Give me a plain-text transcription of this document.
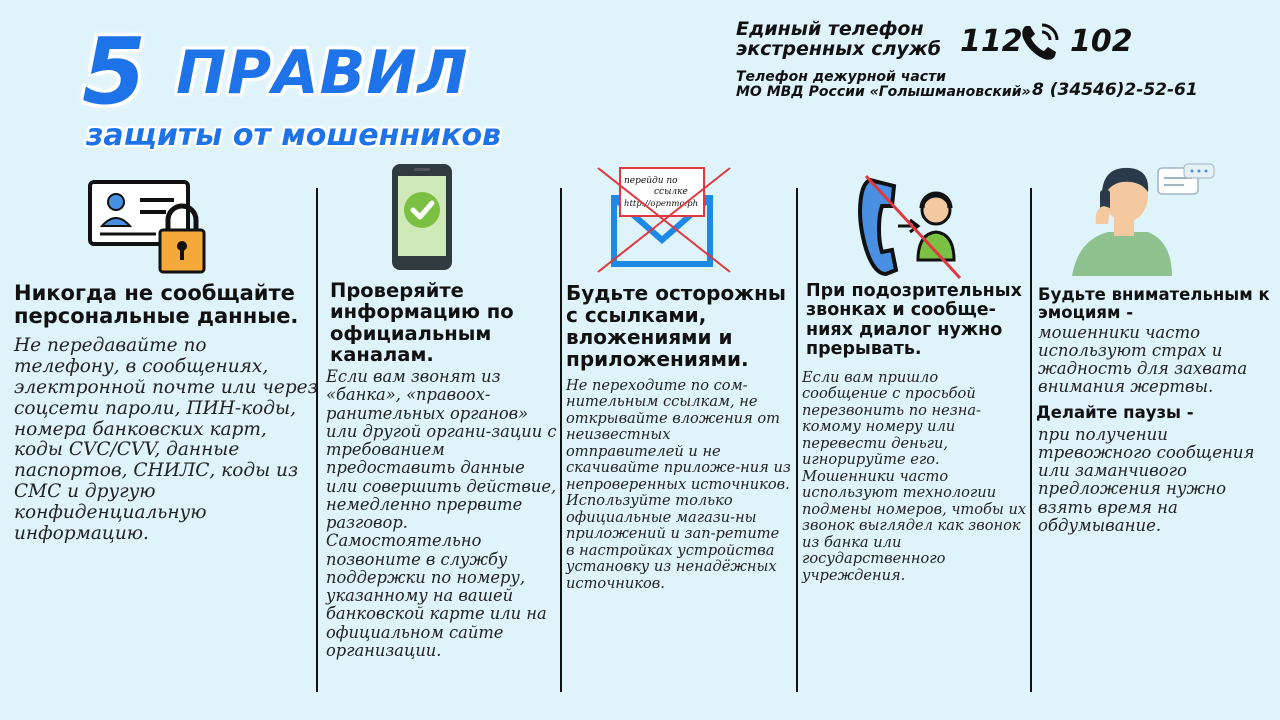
5 ПРАВИЛ
защиты от мошенников
Единый телефон
экстренных служб 112 102
Телефон дежурной части
МО МВД России «Голышмановский» 8 (34546)2-52-61
Никогда не сообщайте персональные данные.
Не передавайте по телефону, в сообщениях, электронной почте или через соцсети пароли, ПИН-коды, номера банковских карт, коды CVC/CVV, данные паспортов, СНИЛС, коды из СМС и другую конфиденциальную информацию.
Проверяйте информацию по официальным каналам.
Если вам звонят из «банка», «правоох-ранительных органов» или другой органи-зации с требованием предоставить данные или совершить действие, немедленно прервите разговор. Самостоятельно позвоните в службу поддержки по номеру, указанному на вашей банковской карте или на официальном сайте организации.
перейди по
ссылке
http://openmo.ph
Будьте осторожны с ссылками, вложениями и приложениями.
Не переходите по сом-нительным ссылкам, не открывайте вложения от неизвестных отправителей и не скачивайте приложе-ния из непроверенных источников. Используйте только официальные магази-ны приложений и зап-ретите в настройках устройства установку из ненадёжных источников.
При подозрительных звонках и сообще-ниях диалог нужно прерывать.
Если вам пришло сообщение с просьбой перезвонить по незна-комому номеру или перевести деньги, игнорируйте его. Мошенники часто используют технологии подмены номеров, чтобы их звонок выглядел как звонок из банка или государственного учреждения.
Будьте внимательным к эмоциям -
мошенники часто используют страх и жадность для захвата внимания жертвы.
Делайте паузы -
при получении тревожного сообщения или заманчивого предложения нужно взять время на обдумывание.
